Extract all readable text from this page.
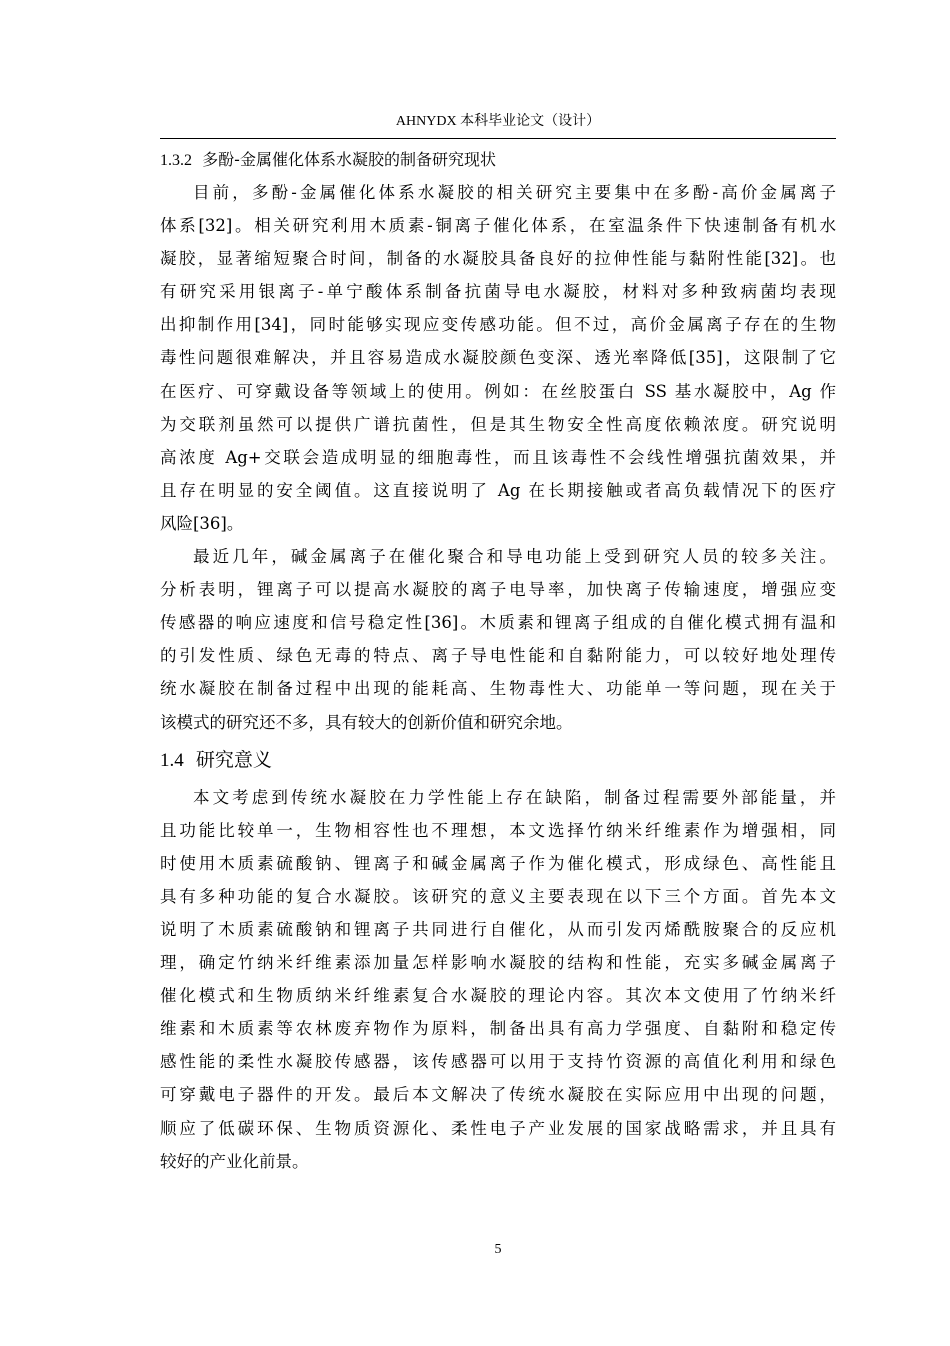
AHNYDX 本科毕业论文（设计）
1.3.2 多酚-金属催化体系水凝胶的制备研究现状
目前，多酚-金属催化体系水凝胶的相关研究主要集中在多酚-高价金属离子
体系[32]。相关研究利用木质素-铜离子催化体系，在室温条件下快速制备有机水
凝胶，显著缩短聚合时间，制备的水凝胶具备良好的拉伸性能与黏附性能[32]。也
有研究采用银离子-单宁酸体系制备抗菌导电水凝胶，材料对多种致病菌均表现
出抑制作用[34]，同时能够实现应变传感功能。但不过，高价金属离子存在的生物
毒性问题很难解决，并且容易造成水凝胶颜色变深、透光率降低[35]，这限制了它
在医疗、可穿戴设备等领域上的使用。例如：在丝胶蛋白 SS 基水凝胶中，Ag 作
为交联剂虽然可以提供广谱抗菌性，但是其生物安全性高度依赖浓度。研究说明
高浓度 Ag+交联会造成明显的细胞毒性，而且该毒性不会线性增强抗菌效果，并
且存在明显的安全阈值。这直接说明了 Ag 在长期接触或者高负载情况下的医疗
风险[36]。
最近几年，碱金属离子在催化聚合和导电功能上受到研究人员的较多关注。
分析表明，锂离子可以提高水凝胶的离子电导率，加快离子传输速度，增强应变
传感器的响应速度和信号稳定性[36]。木质素和锂离子组成的自催化模式拥有温和
的引发性质、绿色无毒的特点、离子导电性能和自黏附能力，可以较好地处理传
统水凝胶在制备过程中出现的能耗高、生物毒性大、功能单一等问题，现在关于
该模式的研究还不多，具有较大的创新价值和研究余地。
1.4 研究意义
本文考虑到传统水凝胶在力学性能上存在缺陷，制备过程需要外部能量，并
且功能比较单一，生物相容性也不理想，本文选择竹纳米纤维素作为增强相，同
时使用木质素硫酸钠、锂离子和碱金属离子作为催化模式，形成绿色、高性能且
具有多种功能的复合水凝胶。该研究的意义主要表现在以下三个方面。首先本文
说明了木质素硫酸钠和锂离子共同进行自催化，从而引发丙烯酰胺聚合的反应机
理，确定竹纳米纤维素添加量怎样影响水凝胶的结构和性能，充实多碱金属离子
催化模式和生物质纳米纤维素复合水凝胶的理论内容。其次本文使用了竹纳米纤
维素和木质素等农林废弃物作为原料，制备出具有高力学强度、自黏附和稳定传
感性能的柔性水凝胶传感器，该传感器可以用于支持竹资源的高值化利用和绿色
可穿戴电子器件的开发。最后本文解决了传统水凝胶在实际应用中出现的问题，
顺应了低碳环保、生物质资源化、柔性电子产业发展的国家战略需求，并且具有
较好的产业化前景。
5
